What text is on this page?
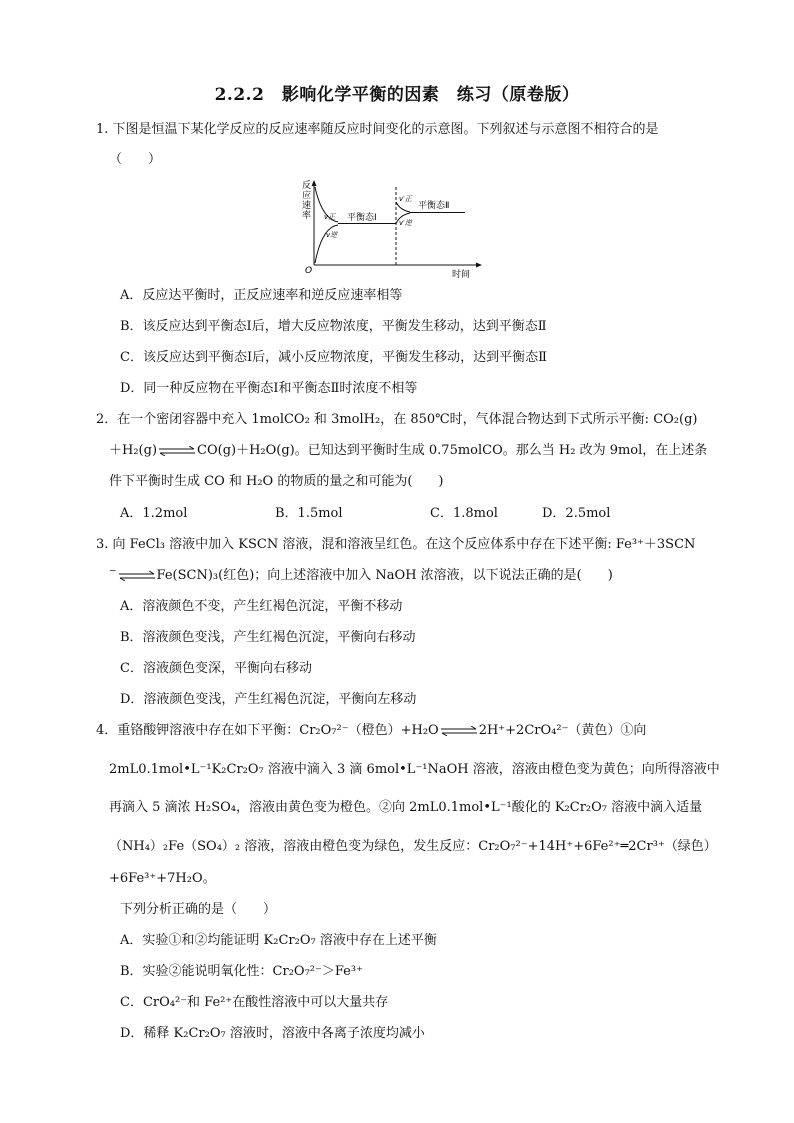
2.2.2　影响化学平衡的因素　练习（原卷版）
1. 下图是恒温下某化学反应的反应速率随反应时间变化的示意图。下列叙述与示意图不相符合的是
（　　）
反
应
速
率
O	时间
v正
v逆
平衡态Ⅰ
v′正
v′逆
平衡态Ⅱ
A．反应达平衡时，正反应速率和逆反应速率相等
B．该反应达到平衡态Ⅰ后，增大反应物浓度，平衡发生移动，达到平衡态Ⅱ
C．该反应达到平衡态Ⅰ后，减小反应物浓度，平衡发生移动，达到平衡态Ⅱ
D．同一种反应物在平衡态Ⅰ和平衡态Ⅱ时浓度不相等
2．在一个密闭容器中充入 1molCO₂ 和 3molH₂，在 850℃时，气体混合物达到下式所示平衡: CO₂(g)
＋H₂(g)⇌CO(g)＋H₂O(g)。已知达到平衡时生成 0.75molCO。那么当 H₂ 改为 9mol，在上述条
件下平衡时生成 CO 和 H₂O 的物质的量之和可能为(　　)
A．1.2mol	B．1.5mol	C．1.8mol	D．2.5mol
3. 向 FeCl₃ 溶液中加入 KSCN 溶液，混和溶液呈红色。在这个反应体系中存在下述平衡: Fe³⁺＋3SCN
−⇌Fe(SCN)₃(红色)；向上述溶液中加入 NaOH 浓溶液，以下说法正确的是(　　)
A．溶液颜色不变，产生红褐色沉淀，平衡不移动
B．溶液颜色变浅，产生红褐色沉淀，平衡向右移动
C．溶液颜色变深，平衡向右移动
D．溶液颜色变浅，产生红褐色沉淀，平衡向左移动
4．重铬酸钾溶液中存在如下平衡：Cr₂O₇²⁻（橙色）+H₂O⇌2H⁺+2CrO₄²⁻（黄色）①向
2mL0.1mol•L⁻¹K₂Cr₂O₇ 溶液中滴入 3 滴 6mol•L⁻¹NaOH 溶液，溶液由橙色变为黄色；向所得溶液中
再滴入 5 滴浓 H₂SO₄，溶液由黄色变为橙色。②向 2mL0.1mol•L⁻¹酸化的 K₂Cr₂O₇ 溶液中滴入适量
（NH₄）₂Fe（SO₄）₂ 溶液，溶液由橙色变为绿色，发生反应：Cr₂O₇²⁻+14H⁺+6Fe²⁺═2Cr³⁺（绿色）
+6Fe³⁺+7H₂O。
下列分析正确的是（　　）
A．实验①和②均能证明 K₂Cr₂O₇ 溶液中存在上述平衡
B．实验②能说明氧化性：Cr₂O₇²⁻＞Fe³⁺
C．CrO₄²⁻和 Fe²⁺在酸性溶液中可以大量共存
D．稀释 K₂Cr₂O₇ 溶液时，溶液中各离子浓度均减小
